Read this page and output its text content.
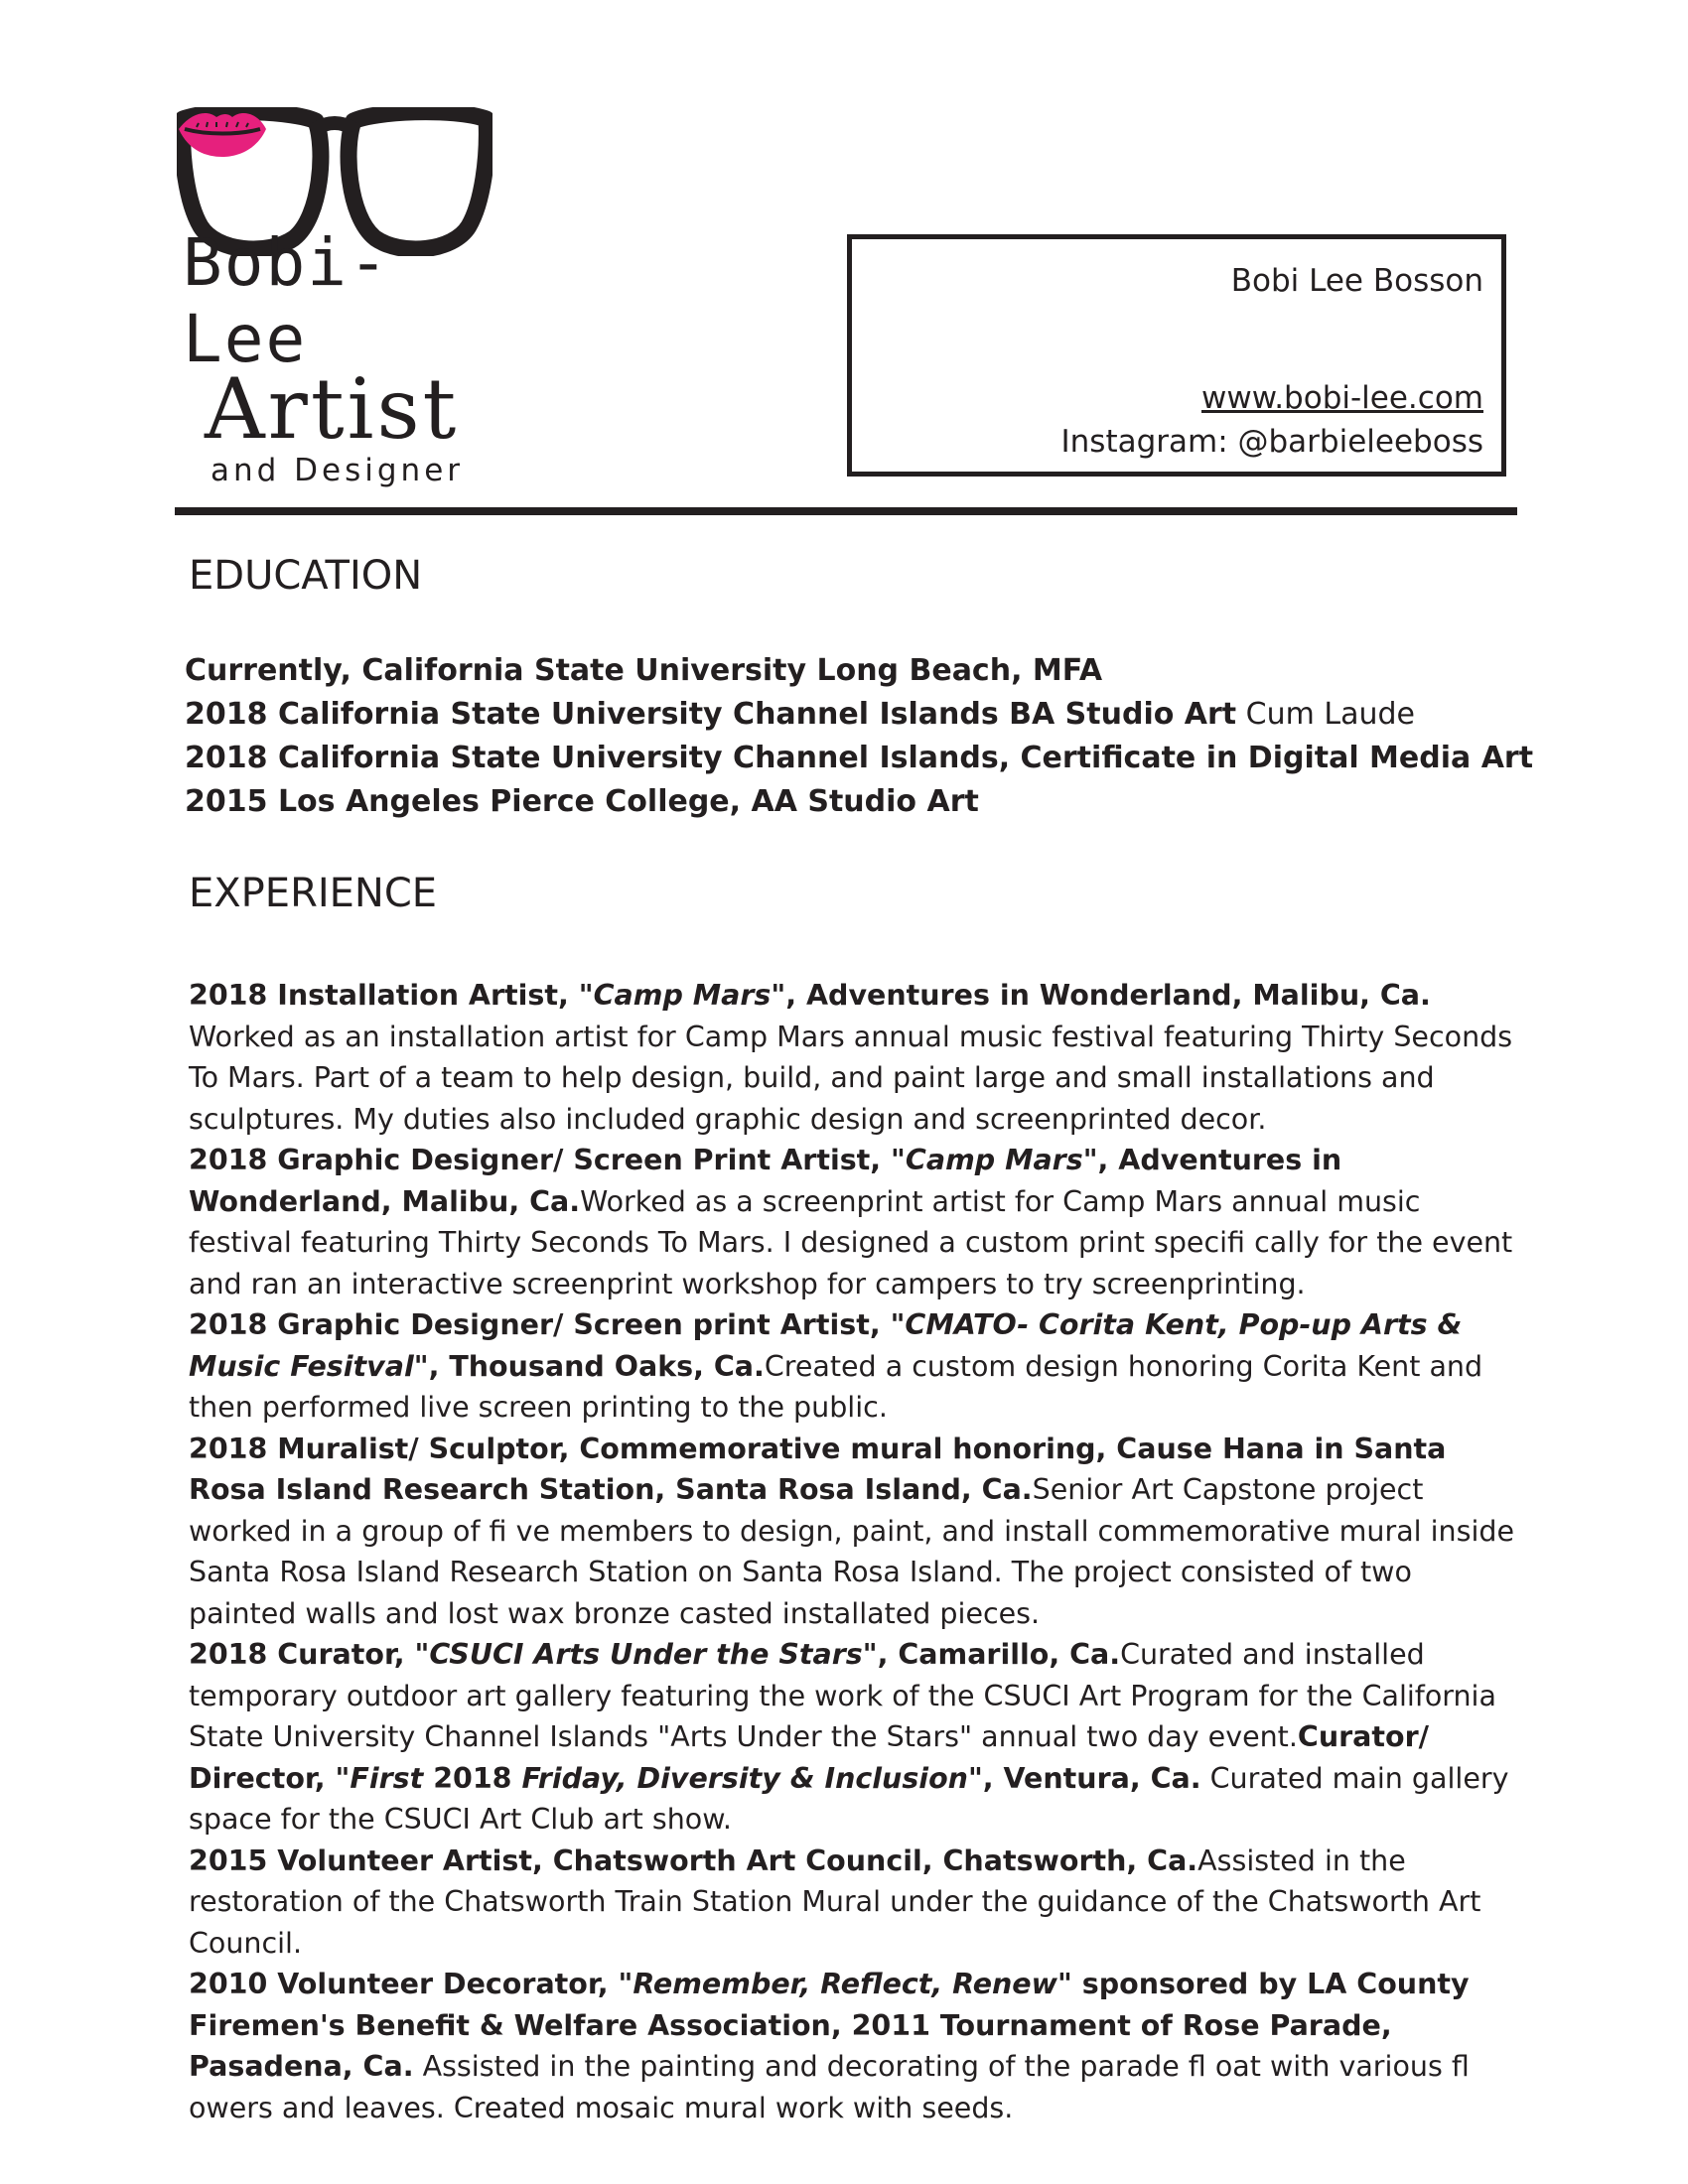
Bobi-Lee
Artist
and Designer
Bobi Lee Bosson
www.bobi-lee.com
Instagram: @barbieleeboss
EDUCATION
Currently, California State University Long Beach, MFA
2018 California State University Channel Islands BA Studio Art Cum Laude
2018 California State University Channel Islands, Certificate in Digital Media Art
2015 Los Angeles Pierce College, AA Studio Art
EXPERIENCE
2018 Installation Artist, "Camp Mars", Adventures in Wonderland, Malibu, Ca. Worked as an installation artist for Camp Mars annual music festival featuring Thirty Seconds To Mars. Part of a team to help design, build, and paint large and small installations and sculptures. My duties also included graphic design and screenprinted decor.
2018 Graphic Designer/ Screen Print Artist, "Camp Mars", Adventures in Wonderland, Malibu, Ca.Worked as a screenprint artist for Camp Mars annual music festival featuring Thirty Seconds To Mars. I designed a custom print specifi cally for the event and ran an interactive screenprint workshop for campers to try screenprinting.
2018 Graphic Designer/ Screen print Artist, "CMATO- Corita Kent, Pop-up Arts & Music Fesitval", Thousand Oaks, Ca.Created a custom design honoring Corita Kent and then performed live screen printing to the public.
2018 Muralist/ Sculptor, Commemorative mural honoring, Cause Hana in Santa Rosa Island Research Station, Santa Rosa Island, Ca.Senior Art Capstone project worked in a group of fi ve members to design, paint, and install commemorative mural inside Santa Rosa Island Research Station on Santa Rosa Island. The project consisted of two painted walls and lost wax bronze casted installated pieces.
2018 Curator, "CSUCI Arts Under the Stars", Camarillo, Ca.Curated and installed temporary outdoor art gallery featuring the work of the CSUCI Art Program for the California State University Channel Islands "Arts Under the Stars" annual two day event.Curator/ Director, "First 2018 Friday, Diversity & Inclusion", Ventura, Ca. Curated main gallery space for the CSUCI Art Club art show.
2015 Volunteer Artist, Chatsworth Art Council, Chatsworth, Ca.Assisted in the restoration of the Chatsworth Train Station Mural under the guidance of the Chatsworth Art Council.
2010 Volunteer Decorator, "Remember, Reflect, Renew" sponsored by LA County Firemen's Benefit & Welfare Association, 2011 Tournament of Rose Parade, Pasadena, Ca. Assisted in the painting and decorating of the parade fl oat with various fl owers and leaves. Created mosaic mural work with seeds.
